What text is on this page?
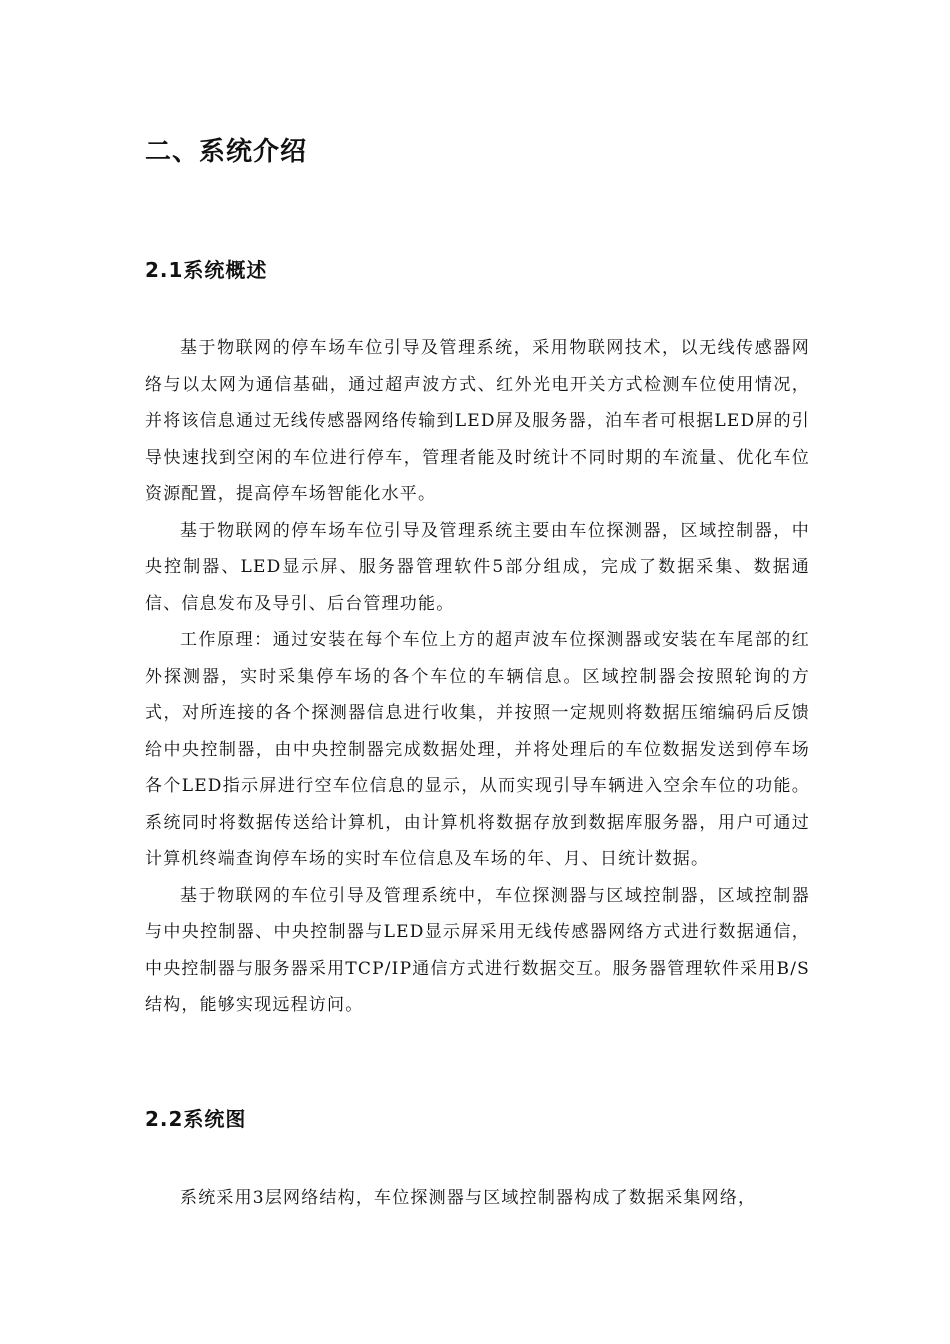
二、系统介绍
2.1系统概述

基于物联网的停车场车位引导及管理系统，采用物联网技术，以无线传感器网络与以太网为通信基础，通过超声波方式、红外光电开关方式检测车位使用情况，并将该信息通过无线传感器网络传输到LED屏及服务器，泊车者可根据LED屏的引导快速找到空闲的车位进行停车，管理者能及时统计不同时期的车流量、优化车位资源配置，提高停车场智能化水平。

基于物联网的停车场车位引导及管理系统主要由车位探测器，区域控制器，中央控制器、LED显示屏、服务器管理软件5部分组成，完成了数据采集、数据通信、信息发布及导引、后台管理功能。

工作原理：通过安装在每个车位上方的超声波车位探测器或安装在车尾部的红外探测器，实时采集停车场的各个车位的车辆信息。区域控制器会按照轮询的方式，对所连接的各个探测器信息进行收集，并按照一定规则将数据压缩编码后反馈给中央控制器，由中央控制器完成数据处理，并将处理后的车位数据发送到停车场各个LED指示屏进行空车位信息的显示，从而实现引导车辆进入空余车位的功能。系统同时将数据传送给计算机，由计算机将数据存放到数据库服务器，用户可通过计算机终端查询停车场的实时车位信息及车场的年、月、日统计数据。

基于物联网的车位引导及管理系统中，车位探测器与区域控制器，区域控制器与中央控制器、中央控制器与LED显示屏采用无线传感器网络方式进行数据通信，中央控制器与服务器采用TCP/IP通信方式进行数据交互。服务器管理软件采用B/S结构，能够实现远程访问。

2.2系统图

系统采用3层网络结构，车位探测器与区域控制器构成了数据采集网络，
